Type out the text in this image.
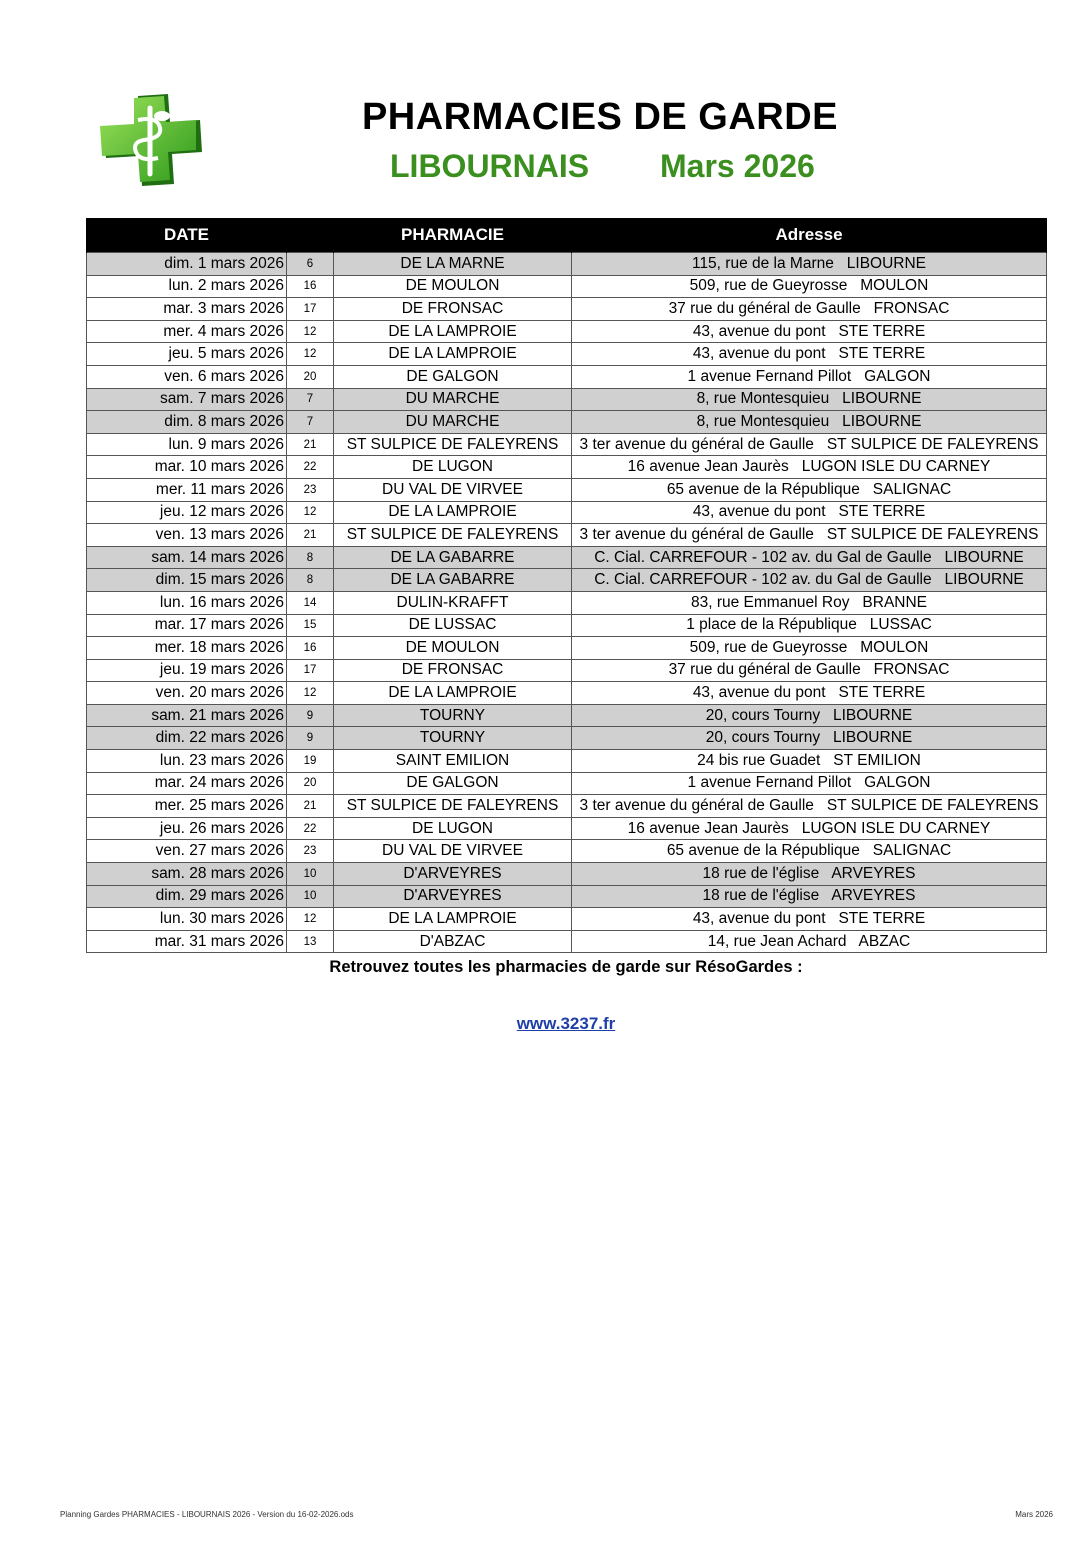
PHARMACIES DE GARDE
LIBOURNAIS Mars 2026
DATE		PHARMACIE	Adresse
dim. 1 mars 2026	6	DE LA MARNE	115, rue de la Marne   LIBOURNE
lun. 2 mars 2026	16	DE MOULON	509, rue de Gueyrosse   MOULON
mar. 3 mars 2026	17	DE FRONSAC	37 rue du général de Gaulle   FRONSAC
mer. 4 mars 2026	12	DE LA LAMPROIE	43, avenue du pont   STE TERRE
jeu. 5 mars 2026	12	DE LA LAMPROIE	43, avenue du pont   STE TERRE
ven. 6 mars 2026	20	DE GALGON	1 avenue Fernand Pillot   GALGON
sam. 7 mars 2026	7	DU MARCHE	8, rue Montesquieu   LIBOURNE
dim. 8 mars 2026	7	DU MARCHE	8, rue Montesquieu   LIBOURNE
lun. 9 mars 2026	21	ST SULPICE DE FALEYRENS	3 ter avenue du général de Gaulle   ST SULPICE DE FALEYRENS
mar. 10 mars 2026	22	DE LUGON	16 avenue Jean Jaurès   LUGON ISLE DU CARNEY
mer. 11 mars 2026	23	DU VAL DE VIRVEE	65 avenue de la République   SALIGNAC
jeu. 12 mars 2026	12	DE LA LAMPROIE	43, avenue du pont   STE TERRE
ven. 13 mars 2026	21	ST SULPICE DE FALEYRENS	3 ter avenue du général de Gaulle   ST SULPICE DE FALEYRENS
sam. 14 mars 2026	8	DE LA GABARRE	C. Cial. CARREFOUR - 102 av. du Gal de Gaulle   LIBOURNE
dim. 15 mars 2026	8	DE LA GABARRE	C. Cial. CARREFOUR - 102 av. du Gal de Gaulle   LIBOURNE
lun. 16 mars 2026	14	DULIN-KRAFFT	83, rue Emmanuel Roy   BRANNE
mar. 17 mars 2026	15	DE LUSSAC	1 place de la République   LUSSAC
mer. 18 mars 2026	16	DE MOULON	509, rue de Gueyrosse   MOULON
jeu. 19 mars 2026	17	DE FRONSAC	37 rue du général de Gaulle   FRONSAC
ven. 20 mars 2026	12	DE LA LAMPROIE	43, avenue du pont   STE TERRE
sam. 21 mars 2026	9	TOURNY	20, cours Tourny   LIBOURNE
dim. 22 mars 2026	9	TOURNY	20, cours Tourny   LIBOURNE
lun. 23 mars 2026	19	SAINT EMILION	24 bis rue Guadet   ST EMILION
mar. 24 mars 2026	20	DE GALGON	1 avenue Fernand Pillot   GALGON
mer. 25 mars 2026	21	ST SULPICE DE FALEYRENS	3 ter avenue du général de Gaulle   ST SULPICE DE FALEYRENS
jeu. 26 mars 2026	22	DE LUGON	16 avenue Jean Jaurès   LUGON ISLE DU CARNEY
ven. 27 mars 2026	23	DU VAL DE VIRVEE	65 avenue de la République   SALIGNAC
sam. 28 mars 2026	10	D'ARVEYRES	18 rue de l'église   ARVEYRES
dim. 29 mars 2026	10	D'ARVEYRES	18 rue de l'église   ARVEYRES
lun. 30 mars 2026	12	DE LA LAMPROIE	43, avenue du pont   STE TERRE
mar. 31 mars 2026	13	D'ABZAC	14, rue Jean Achard   ABZAC
Retrouvez toutes les pharmacies de garde sur RésoGardes :
www.3237.fr
Planning Gardes PHARMACIES - LIBOURNAIS 2026 - Version du 16-02-2026.ods	Mars 2026
